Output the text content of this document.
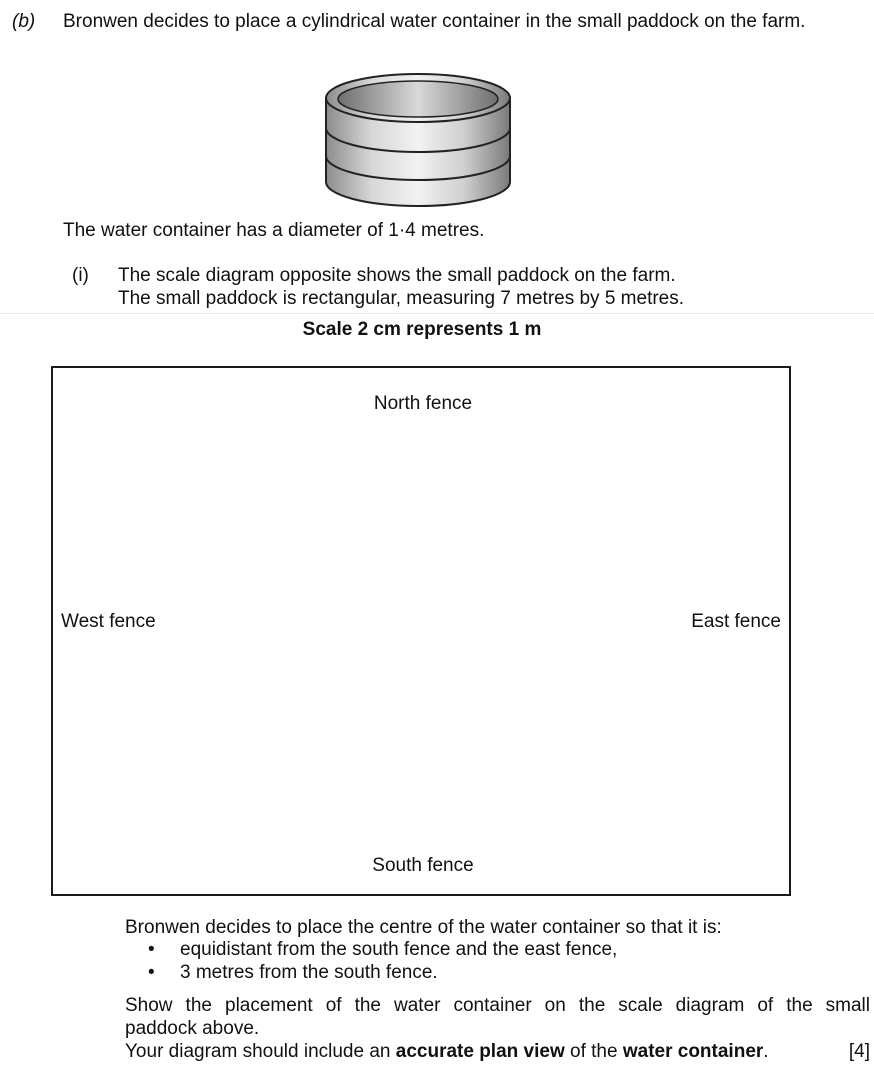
(b) Bronwen decides to place a cylindrical water container in the small paddock on the farm.
The water container has a diameter of 1·4 metres.
(i) The scale diagram opposite shows the small paddock on the farm.
The small paddock is rectangular, measuring 7 metres by 5 metres.
Scale 2 cm represents 1 m
North fence
West fence	East fence
South fence
Bronwen decides to place the centre of the water container so that it is:
• equidistant from the south fence and the east fence,
• 3 metres from the south fence.
Show the placement of the water container on the scale diagram of the small
paddock above.
Your diagram should include an accurate plan view of the water container.	[4]
